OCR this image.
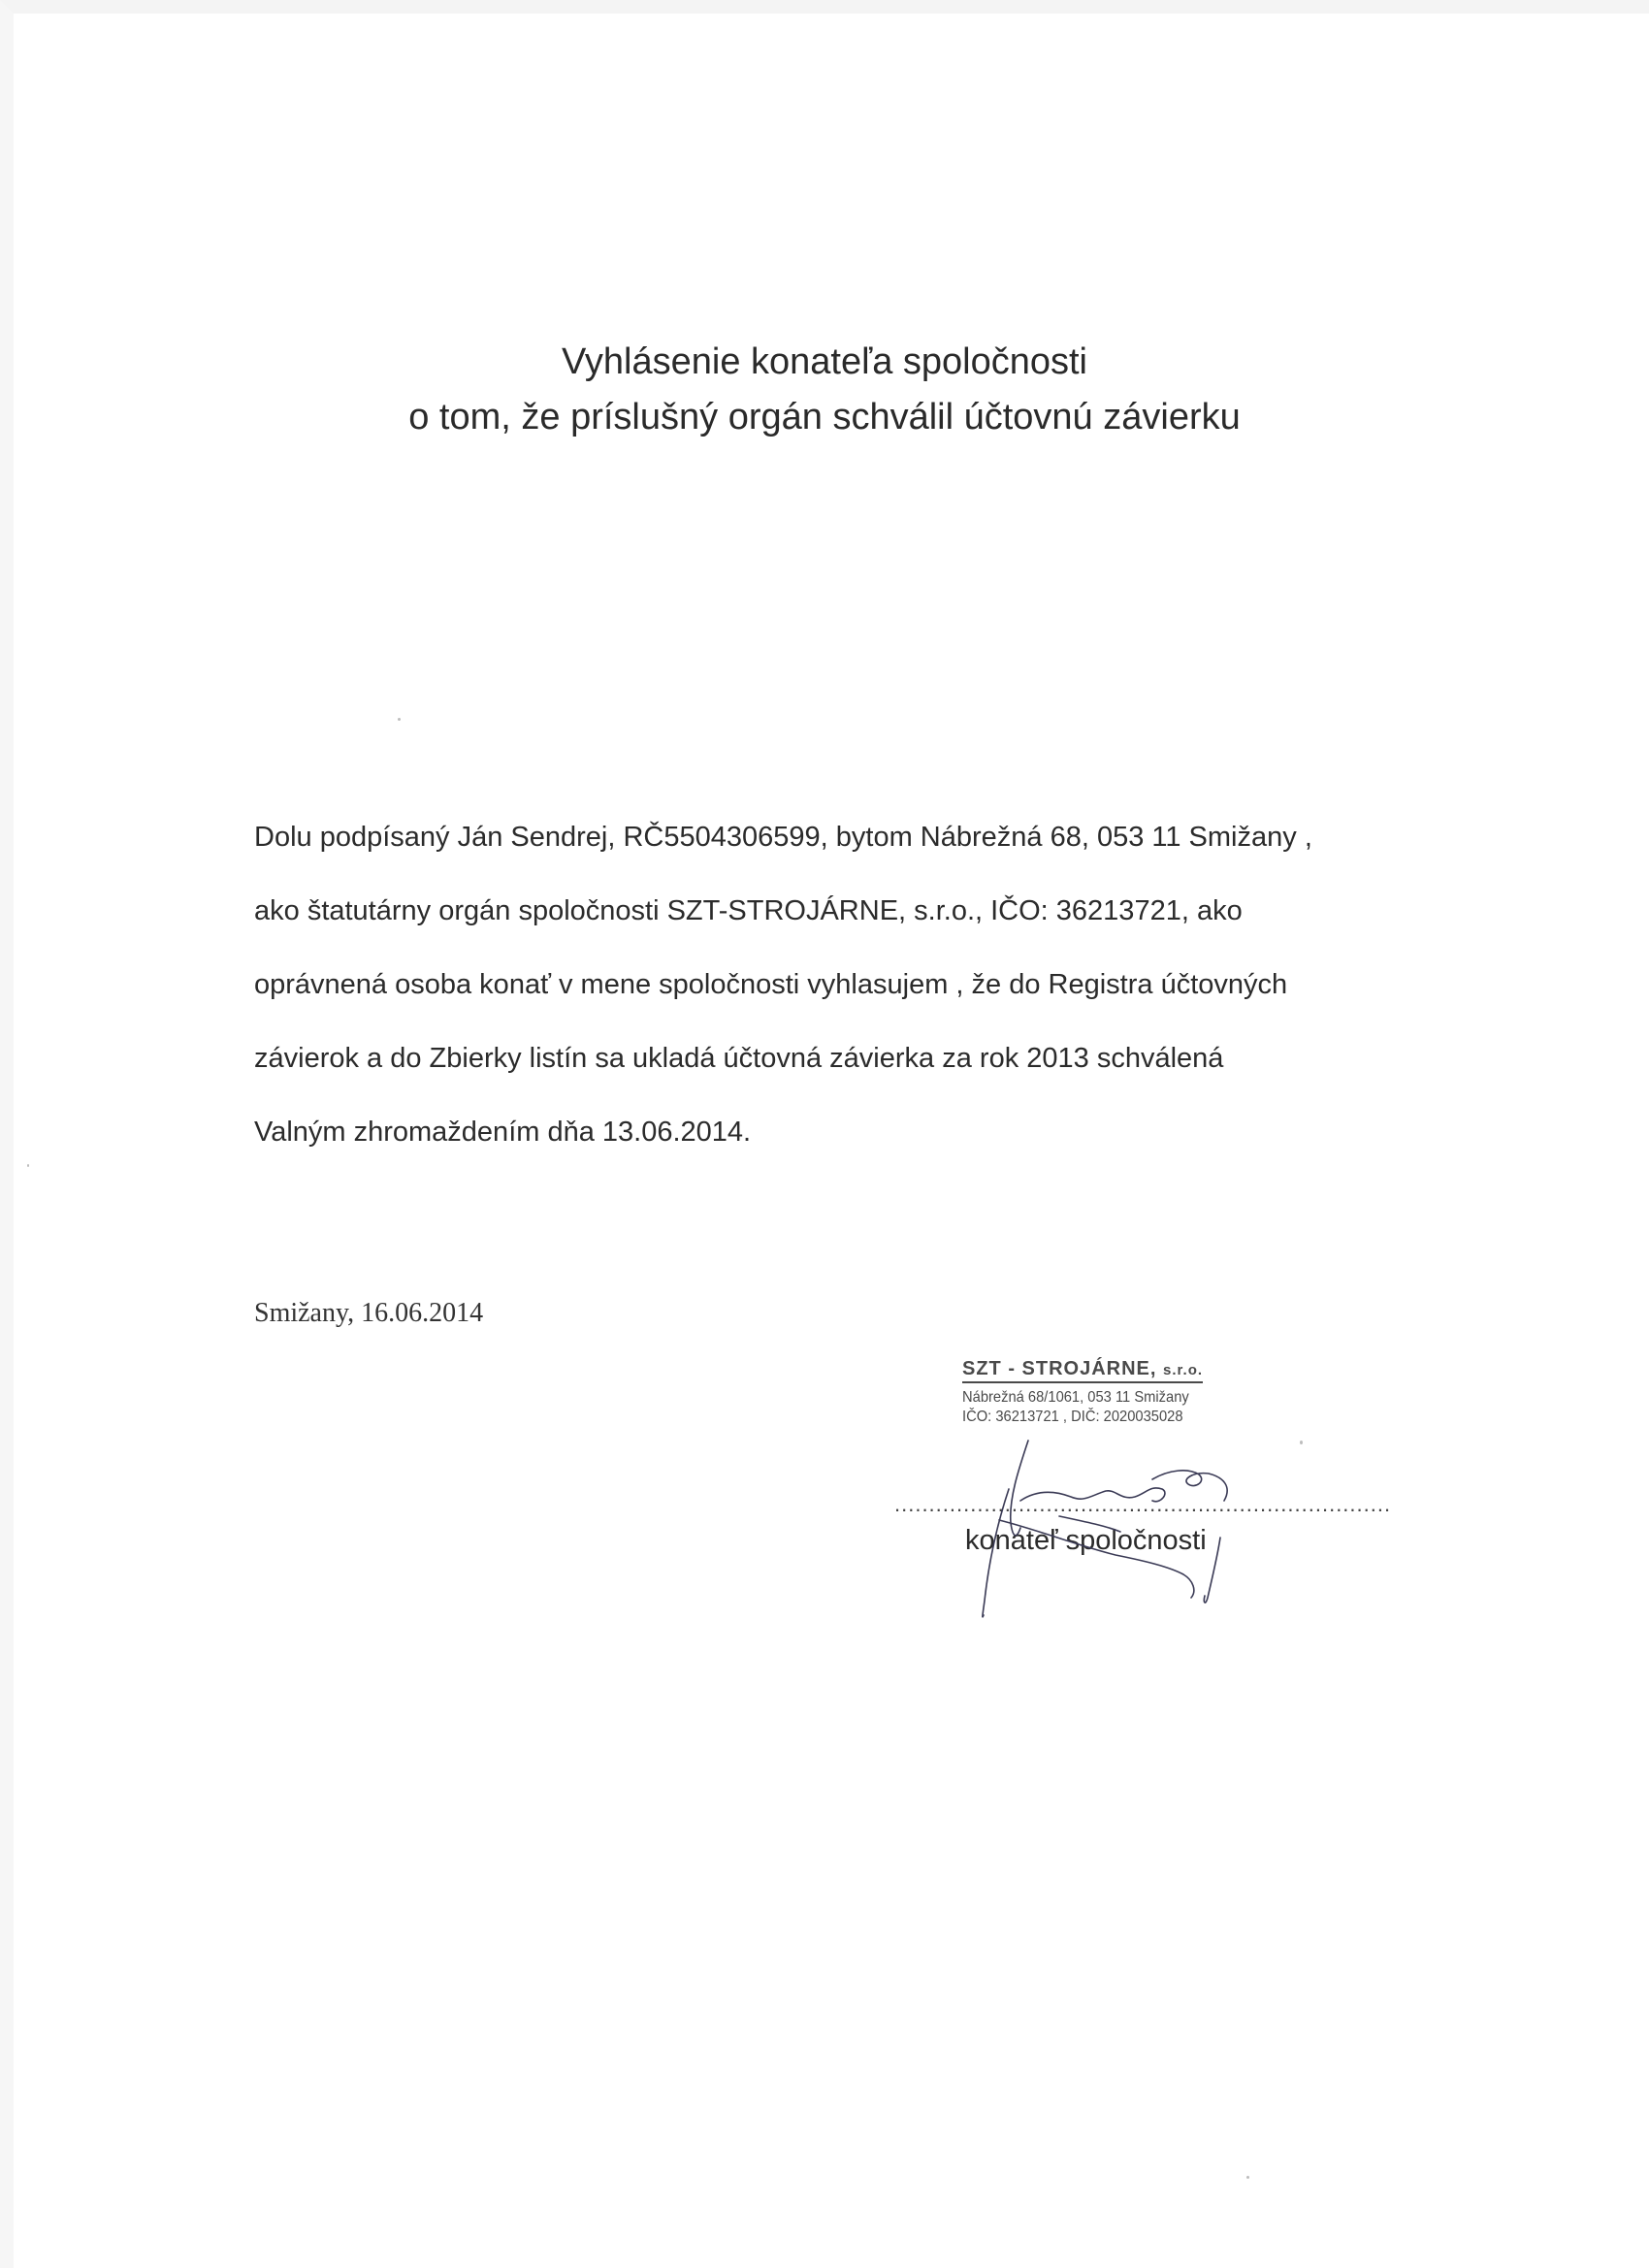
Vyhlásenie konateľa spoločnosti
o tom, že príslušný orgán schválil účtovnú závierku
Dolu podpísaný Ján Sendrej, RČ5504306599, bytom Nábrežná 68, 053 11 Smižany ,
ako štatutárny orgán spoločnosti SZT-STROJÁRNE, s.r.o., IČO: 36213721, ako
oprávnená osoba konať v mene spoločnosti vyhlasujem , že do Registra účtovných
závierok a do Zbierky listín sa ukladá účtovná závierka za rok 2013 schválená
Valným zhromaždením dňa 13.06.2014.
Smižany, 16.06.2014
SZT - STROJÁRNE, s.r.o.
Nábrežná 68/1061, 053 11 Smižany
IČO: 36213721 , DIČ: 2020035028
........................................................................
konateľ spoločnosti
